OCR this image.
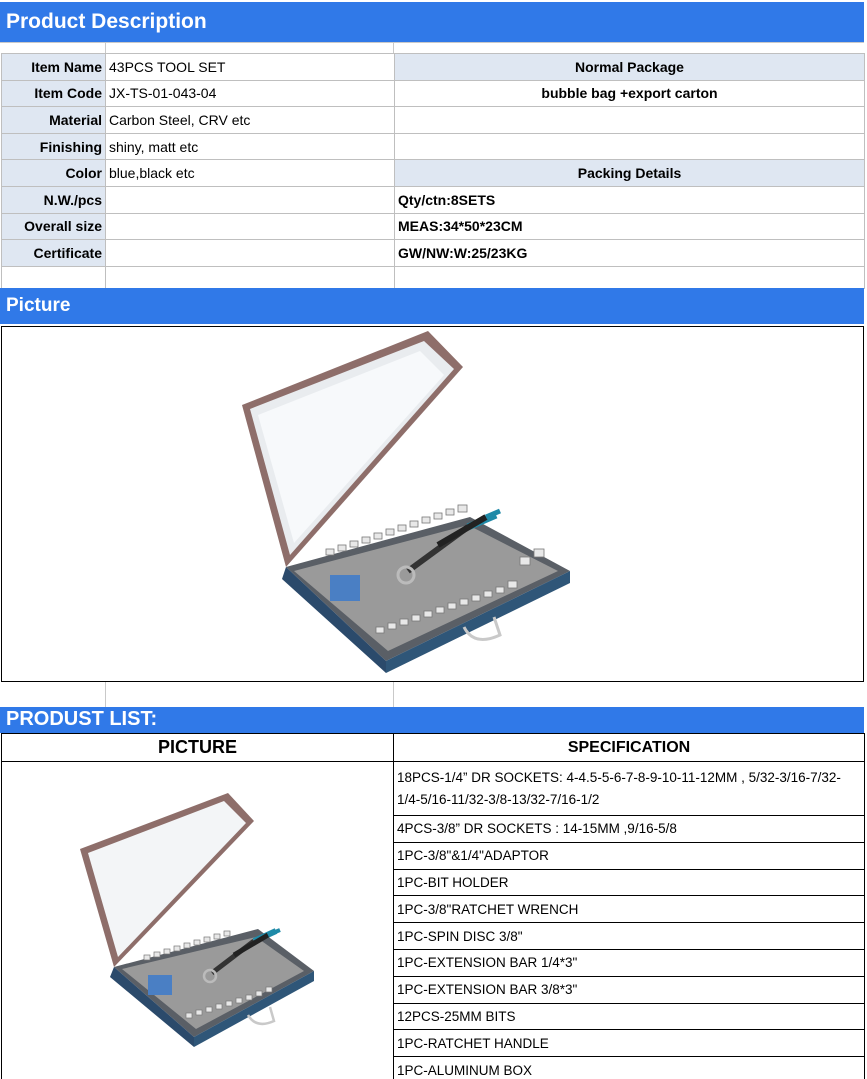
Product Description
Item Name	43PCS TOOL SET	Normal Package
Item Code	JX-TS-01-043-04	bubble bag +export carton
Material	Carbon Steel, CRV etc	
Finishing	shiny, matt etc	
Color	blue,black etc	Packing Details
N.W./pcs		Qty/ctn:8SETS
Overall size		MEAS:34*50*23CM
Certificate		GW/NW:W:25/23KG

Picture
PRODUST LIST:
PICTURE	SPECIFICATION
	18PCS-1/4” DR SOCKETS: 4-4.5-5-6-7-8-9-10-11-12MM , 5/32-3/16-7/32-1/4-5/16-11/32-3/8-13/32-7/16-1/2
	4PCS-3/8” DR SOCKETS : 14-15MM ,9/16-5/8
	1PC-3/8"&1/4"ADAPTOR
	1PC-BIT HOLDER
	1PC-3/8"RATCHET WRENCH
	1PC-SPIN DISC 3/8"
	1PC-EXTENSION BAR 1/4*3"
	1PC-EXTENSION BAR 3/8*3"
	12PCS-25MM BITS
	1PC-RATCHET HANDLE
	1PC-ALUMINUM BOX
